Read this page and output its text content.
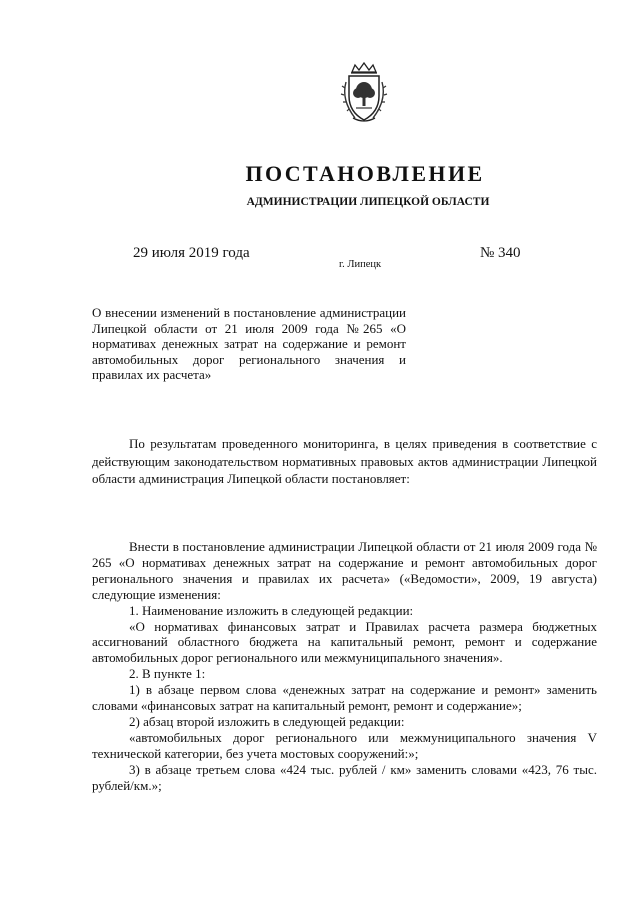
ПОСТАНОВЛЕНИЕ
АДМИНИСТРАЦИИ ЛИПЕЦКОЙ ОБЛАСТИ
29 июля 2019 года
г. Липецк
№ 340
О внесении изменений в постановление администрации Липецкой области от 21 июля 2009 года №265 «О нормативах денежных затрат на содержание и ремонт автомобильных дорог регионального значения и правилах их расчета»

По результатам проведенного мониторинга, в целях приведения в соответствие с действующим законодательством нормативных правовых актов администрации Липецкой области администрация Липецкой области постановляет:

Внести в постановление администрации Липецкой области от 21 июля 2009 года № 265 «О нормативах денежных затрат на содержание и ремонт автомобильных дорог регионального значения и правилах их расчета» («Ведомости», 2009, 19 августа) следующие изменения:

1. Наименование изложить в следующей редакции:

«О нормативах финансовых затрат и Правилах расчета размера бюджетных ассигнований областного бюджета на капитальный ремонт, ремонт и содержание автомобильных дорог регионального или межмуниципального значения».

2. В пункте 1:

1) в абзаце первом слова «денежных затрат на содержание и ремонт» заменить словами «финансовых затрат на капитальный ремонт, ремонт и содержание»;

2) абзац второй изложить в следующей редакции:

«автомобильных дорог регионального или межмуниципального значения V технической категории, без учета мостовых сооружений:»;

3) в абзаце третьем слова «424 тыс. рублей / км» заменить словами «423, 76 тыс. рублей/км.»;
